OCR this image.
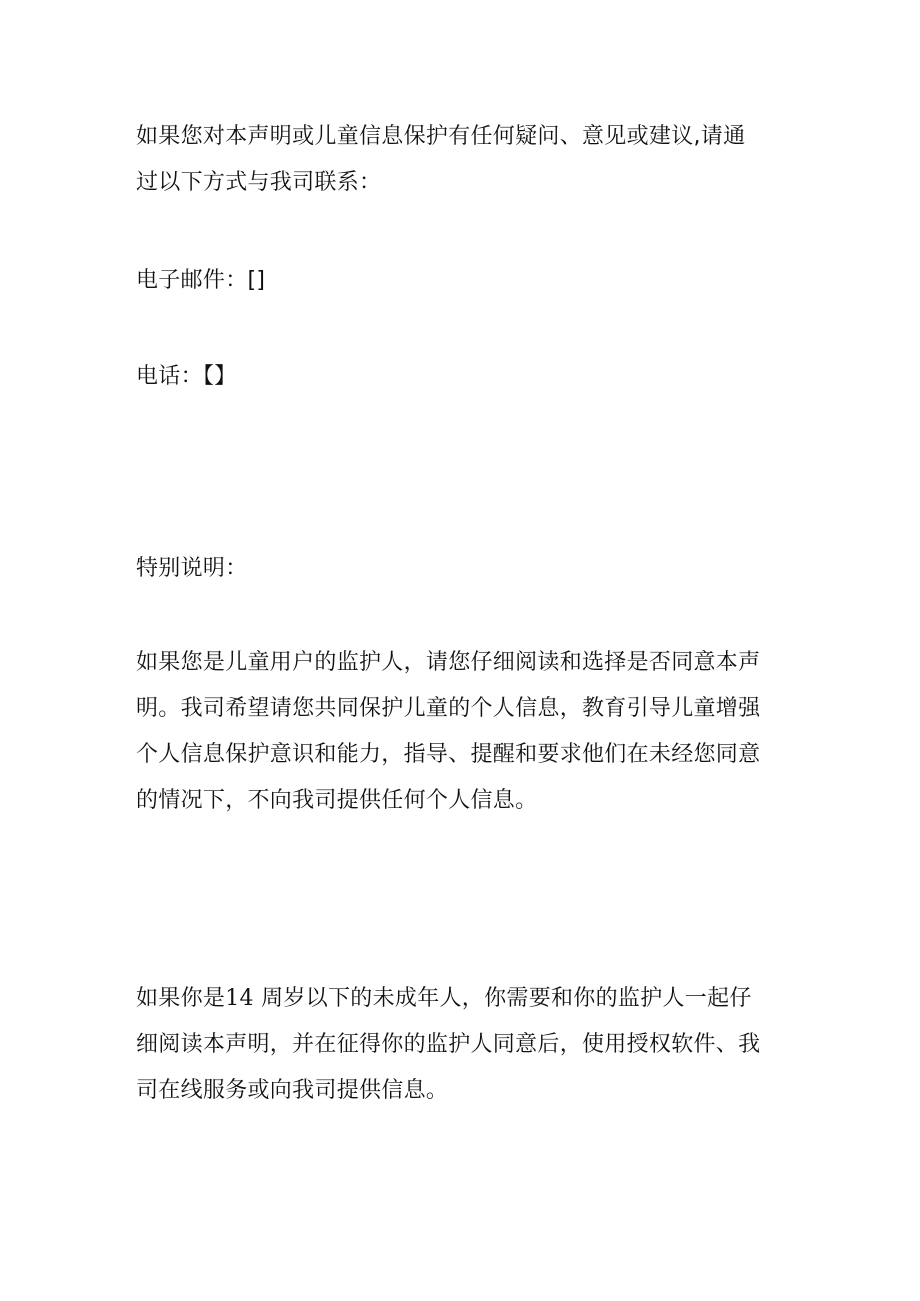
如果您对本声明或儿童信息保护有任何疑问、意见或建议,请通
过以下方式与我司联系：

电子邮件：[]

电话：【】

特别说明：

如果您是儿童用户的监护人，请您仔细阅读和选择是否同意本声
明。我司希望请您共同保护儿童的个人信息，教育引导儿童增强
个人信息保护意识和能力，指导、提醒和要求他们在未经您同意
的情况下，不向我司提供任何个人信息。

如果你是14 周岁以下的未成年人，你需要和你的监护人一起仔
细阅读本声明，并在征得你的监护人同意后，使用授权软件、我
司在线服务或向我司提供信息。
